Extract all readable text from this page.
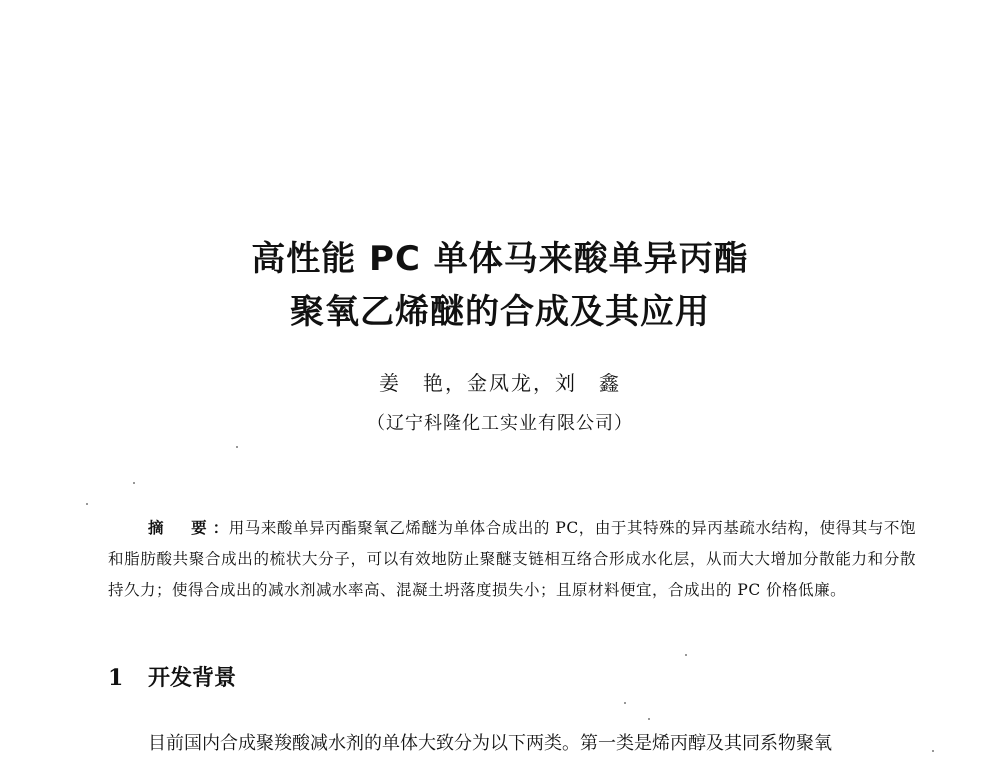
高性能 PC 单体马来酸单异丙酯
聚氧乙烯醚的合成及其应用
姜　艳，金凤龙，刘　鑫
（辽宁科隆化工实业有限公司）
摘　要：用马来酸单异丙酯聚氧乙烯醚为单体合成出的 PC，由于其特殊的异丙基疏水结构，使得其与不饱和脂肪酸共聚合成出的梳状大分子，可以有效地防止聚醚支链相互络合形成水化层，从而大大增加分散能力和分散持久力；使得合成出的减水剂减水率高、混凝土坍落度损失小；且原材料便宜，合成出的 PC 价格低廉。
1 开发背景
目前国内合成聚羧酸减水剂的单体大致分为以下两类。第一类是烯丙醇及其同系物聚氧
